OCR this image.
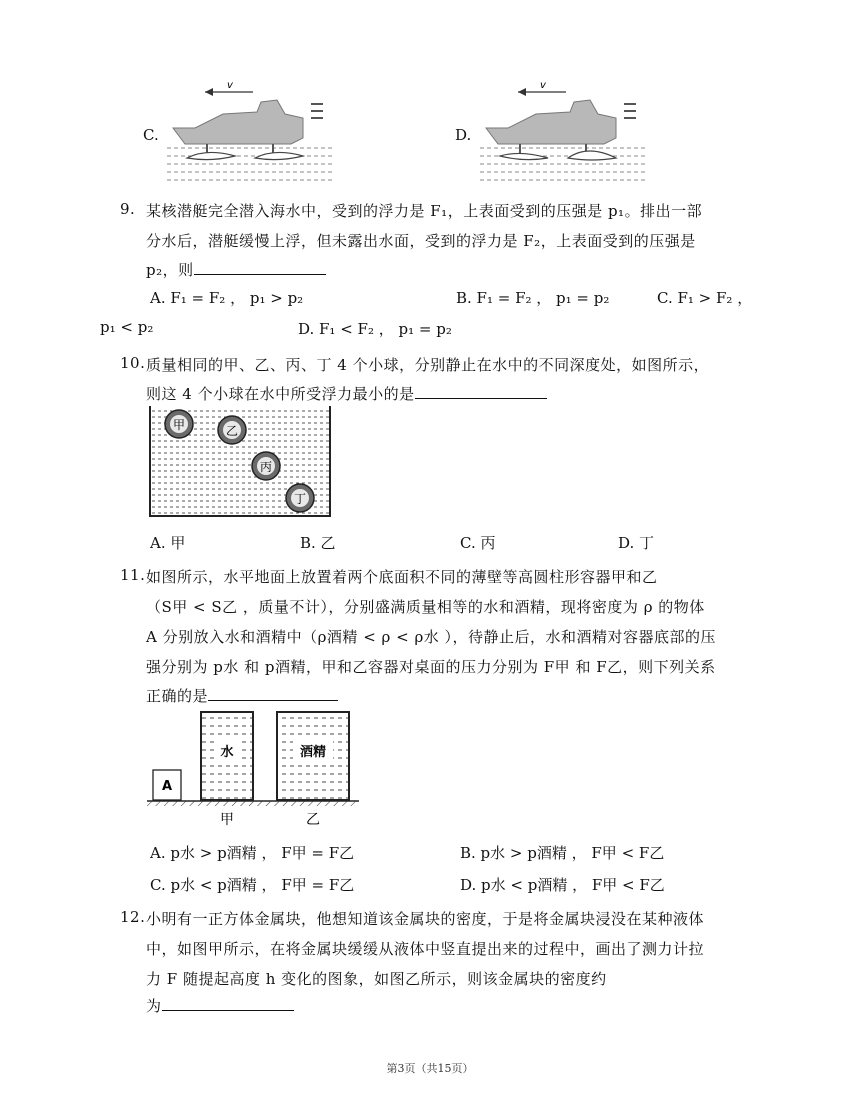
C.
v
D.
v
9. 某核潜艇完全潜入海水中，受到的浮力是 F₁，上表面受到的压强是 p₁。排出一部
分水后，潜艇缓慢上浮，但未露出水面，受到的浮力是 F₂，上表面受到的压强是
p₂，则
A. F₁ = F₂ ， p₁ > p₂	B. F₁ = F₂ ， p₁ = p₂	C. F₁ > F₂ ，
p₁ < p₂	D. F₁ < F₂ ， p₁ = p₂
10. 质量相同的甲、乙、丙、丁 4 个小球，分别静止在水中的不同深度处，如图所示，
则这 4 个小球在水中所受浮力最小的是
甲	乙
丙
丁
A. 甲	B. 乙	C. 丙	D. 丁
11. 如图所示，水平地面上放置着两个底面积不同的薄壁等高圆柱形容器甲和乙
（S甲 < S乙 ，质量不计），分别盛满质量相等的水和酒精，现将密度为 ρ 的物体
A 分别放入水和酒精中（ρ酒精 < ρ < ρ水 ），待静止后，水和酒精对容器底部的压
强分别为 p水 和 p酒精，甲和乙容器对桌面的压力分别为 F甲 和 F乙，则下列关系
正确的是
A
水	酒精
甲	乙
A. p水 > p酒精 ， F甲 = F乙	B. p水 > p酒精 ， F甲 < F乙
C. p水 < p酒精 ， F甲 = F乙	D. p水 < p酒精 ， F甲 < F乙
12. 小明有一正方体金属块，他想知道该金属块的密度，于是将金属块浸没在某种液体
中，如图甲所示，在将金属块缓缓从液体中竖直提出来的过程中，画出了测力计拉
力 F 随提起高度 h 变化的图象，如图乙所示，则该金属块的密度约
为
第3页（共15页）
